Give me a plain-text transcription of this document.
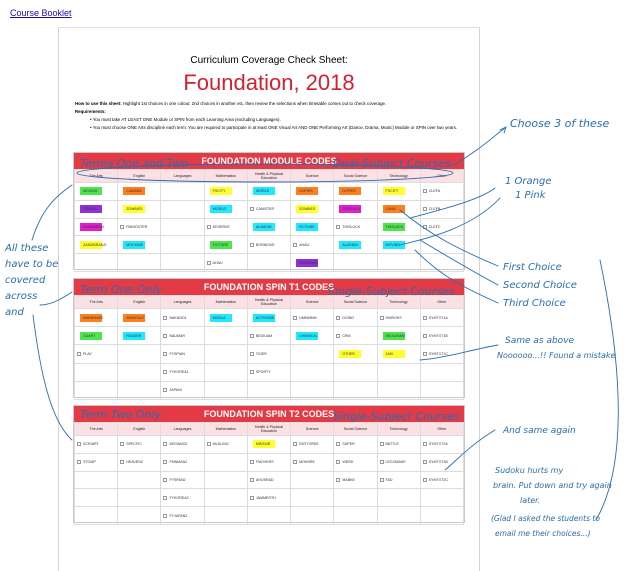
Course Booklet
Curriculum Coverage Check Sheet:
Foundation, 2018

How to use this sheet: Highlight 1st choices in one colour, 2nd choices in another etc, then review the selections when timetable comes out to check coverage.

Requirements:

• You must take AT LEAST ONE Module or SPIN from each Learning Area (excluding Languages).

• You must choose ONE Arts discipline each term. You are required to participate in at least ONE Visual Art AND ONE Performing Art (Dance, Drama, Music) Module or SPIN over two years.

FOUNDATION MODULE CODES
The Arts	English	Languages	Mathematics	Health & Physical Education	Science	Social Science	Technology	Other

MCKING	CAMARA		FSCITY	WORLD	DOPIES	DOPIES	FSCITY	CLEFA

TRADPU	ZOMBIES		WORLD	CANISTER	ZOMBIES	THISLUCK	CANN	CLEFB

ZANZIBRAM	FMINGSTER		DESERVE	ALADDIN	FICTURE	THISLUCK	THISLUCK	CLEFC

ZANZIBRANZI	MOCKINE		FICTURE	BORNDIVE	AHAU	ALADDIN	MOVING	

			AHAU		SORDAVIE			

FOUNDATION SPIN T1 CODES
The Arts	English	Languages	Mathematics	Health & Physical Education	Science	Social Science	Technology	Other

MARKMAKE	WHATSUC	NAKANO1	MODLA	ACTIVEME	UMMMMM	DOING	HWROKS	SYMTXT1A

CUART	READER	NAUMAR		BEDIUAM	CHEMICAL	CRM	BEDIUMAM	SYMTXT1B

PLAY		FYSPIAN		TIGER		OTHER	JAKI	SYMTXT1C

		FYKOREA1		SPORTY				

		JAPANI						

FOUNDATION SPIN T2 CODES
The Arts	English	Languages	Mathematics	Health & Physical Education	Science	Social Science	Technology	Other

SCRIART	SPECFIC	MOSANO2	MLDLING	MINTAIR	EMTYSPAS	SUPER	BATTLE	SYMTXT2A

STOMP	HEAVENZ	FMNMAN2		FMOVERS	MONSRE	WERD	LEGOMAKE	SYMTXT2B

		FYSPAN2		AHOSRAD		MABKE	FAD	SYMTXT2C

		FYKOREA2		JAMMERTH				

		FYJAPAN2						

Terms One and Two	Dual-Subject Courses
Term One Only	Single-Subject Courses
Term Two Only	Single-Subject Courses
Choose 3 of these
1 Orange
1 Pink
First Choice
Second Choice
Third Choice
Same as above
Noooooo...!! Found a mistake
And same again
Sudoku hurts my
brain. Put down and try again
later.
(Glad I asked the students to
email me their choices...)
All these
have to be
covered
across
and
